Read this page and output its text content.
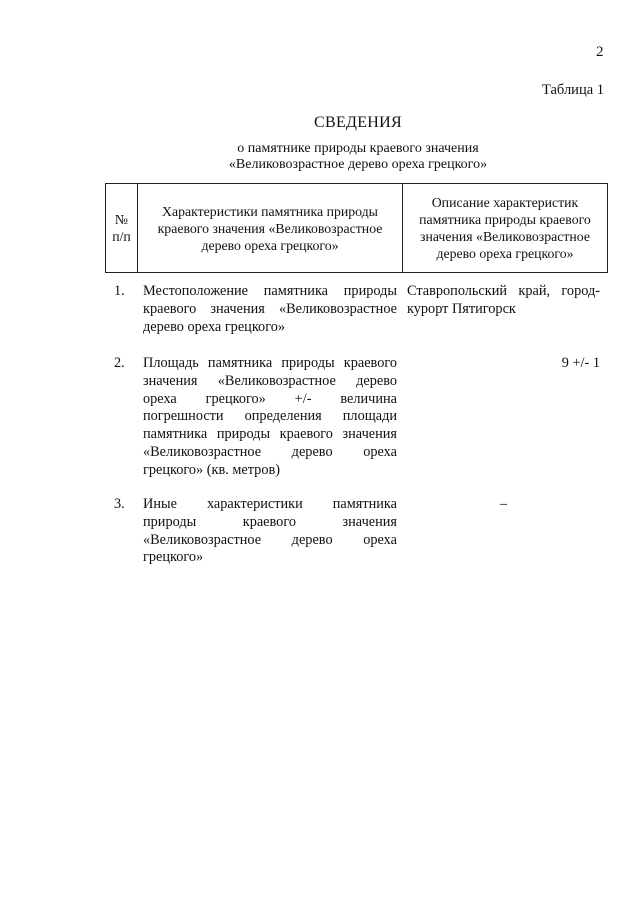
2
Таблица 1
СВЕДЕНИЯ
о памятнике природы краевого значения
«Великовозрастное дерево ореха грецкого»
№ п/п
Характеристики памятника природы краевого значения «Великовозрастное дерево ореха грецкого»
Описание характеристик памятника природы краевого значения «Великовозрастное дерево ореха грецкого»
1. Местоположение памятника природы краевого значения «Великовозрастное дерево ореха грецкого»
Ставропольский край, город-курорт Пятигорск
2. Площадь памятника природы краевого значения «Великовозрастное дерево ореха грецкого» +/- величина погрешности определения площади памятника природы краевого значения «Великовозрастное дерево ореха грецкого» (кв. метров)
9 +/- 1
3. Иные характеристики памятника природы краевого значения «Великовозрастное дерево ореха грецкого»
–
